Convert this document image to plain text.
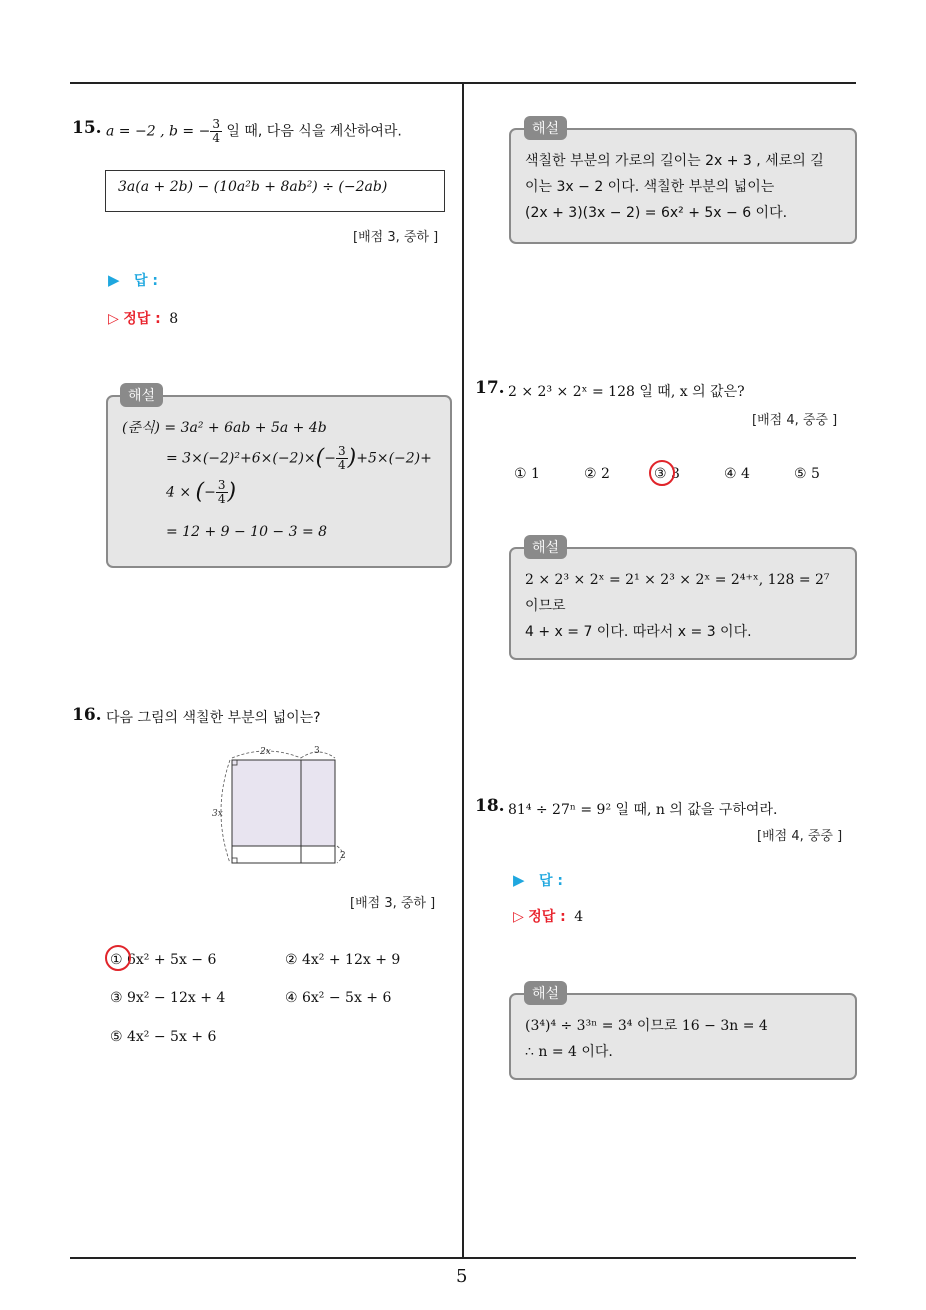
5
15. a = −2 , b = − $\frac{3}{4}$ 일 때, 다음 식을 계산하여라.
3a(a + 2b) − (10a²b + 8ab²) ÷ (−2ab)
[배점 3, 중하 ]
▶ 답 :
▷ 정답 : 8
(준식) = 3a² + 6ab + 5a + 4b
= $3\times(-2)^2+6\times(-2)\times(- \frac{3}{4} )+5\times(-2)+$
4 × (− $\frac{3}{4}$ )
= 12 + 9 − 10 − 3 = 8
해설
16. 다음 그림의 색칠한 부분의 넓이는?
2x	3
3x
2
[배점 3, 중하 ]
① 6x² + 5x − 6	② 4x² + 12x + 9
③ 9x² − 12x + 4	④ 6x² − 5x + 6
⑤ 4x² − 5x + 6
색칠한 부분의 가로의 길이는 2x + 3 , 세로의 길
이는 3x − 2 이다. 색칠한 부분의 넓이는
(2x + 3)(3x − 2) = 6x² + 5x − 6 이다.
해설
17. 2 × 2³ × 2ˣ = 128 일 때, x 의 값은?
[배점 4, 중중 ]
① 1	② 2	③ 3	④ 4	⑤ 5
2 × 2³ × 2ˣ = 2¹ × 2³ × 2ˣ = 2⁴⁺ˣ, 128 = 2⁷
이므로
4 + x = 7 이다. 따라서 x = 3 이다.
해설
18. 81⁴ ÷ 27ⁿ = 9² 일 때, n 의 값을 구하여라.
[배점 4, 중중 ]
▶ 답 :
▷ 정답 : 4
(3⁴)⁴ ÷ 3³ⁿ = 3⁴ 이므로 16 − 3n = 4
∴ n = 4 이다.
해설
